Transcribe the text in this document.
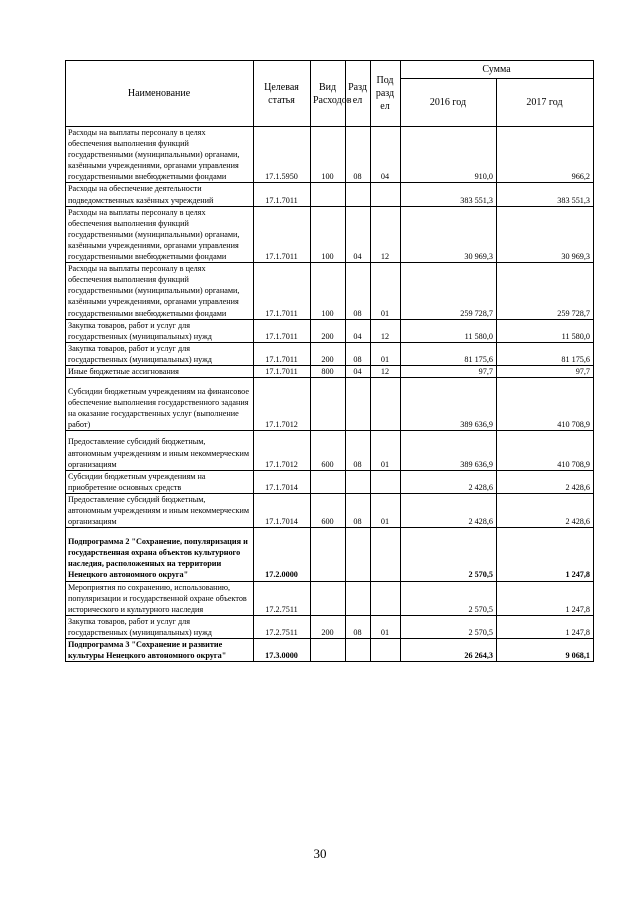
Наименование	Целевая статья	Вид Расходов	Разд ел	Под разд ел	Сумма	
					2016 год	2017 год
Расходы на выплаты персоналу в целях обеспечения выполнения функций государственными (муниципальными) органами, казёнными учреждениями, органами управления государственными внебюджетными фондами	17.1.5950	100	08	04	910,0	966,2
Расходы на обеспечение деятельности подведомственных казённых учреждений	17.1.7011				383 551,3	383 551,3
Расходы на выплаты персоналу в целях обеспечения выполнения функций государственными (муниципальными) органами, казёнными учреждениями, органами управления государственными внебюджетными фондами	17.1.7011	100	04	12	30 969,3	30 969,3
Расходы на выплаты персоналу в целях обеспечения выполнения функций государственными (муниципальными) органами, казёнными учреждениями, органами управления государственными внебюджетными фондами	17.1.7011	100	08	01	259 728,7	259 728,7
Закупка товаров, работ и услуг для государственных (муниципальных) нужд	17.1.7011	200	04	12	11 580,0	11 580,0
Закупка товаров, работ и услуг для государственных (муниципальных) нужд	17.1.7011	200	08	01	81 175,6	81 175,6
Иные бюджетные ассигнования	17.1.7011	800	04	12	97,7	97,7
Субсидии бюджетным учреждениям на финансовое обеспечение выполнения государственного задания на оказание государственных услуг (выполнение работ)	17.1.7012				389 636,9	410 708,9
Предоставление субсидий бюджетным, автономным учреждениям и иным некоммерческим организациям	17.1.7012	600	08	01	389 636,9	410 708,9
Субсидии бюджетным учреждениям на приобретение основных средств	17.1.7014				2 428,6	2 428,6
Предоставление субсидий бюджетным, автономным учреждениям и иным некоммерческим организациям	17.1.7014	600	08	01	2 428,6	2 428,6
Подпрограмма 2 "Сохранение, популяризация и государственная охрана объектов культурного наследия, расположенных на территории Ненецкого автономного округа"	17.2.0000				2 570,5	1 247,8
Мероприятия по сохранению, использованию, популяризации и государственной охране объектов исторического и культурного наследия	17.2.7511				2 570,5	1 247,8
Закупка товаров, работ и услуг для государственных (муниципальных) нужд	17.2.7511	200	08	01	2 570,5	1 247,8
Подпрограмма 3 "Сохранение и развитие культуры Ненецкого автономного округа"	17.3.0000				26 264,3	9 068,1
30
